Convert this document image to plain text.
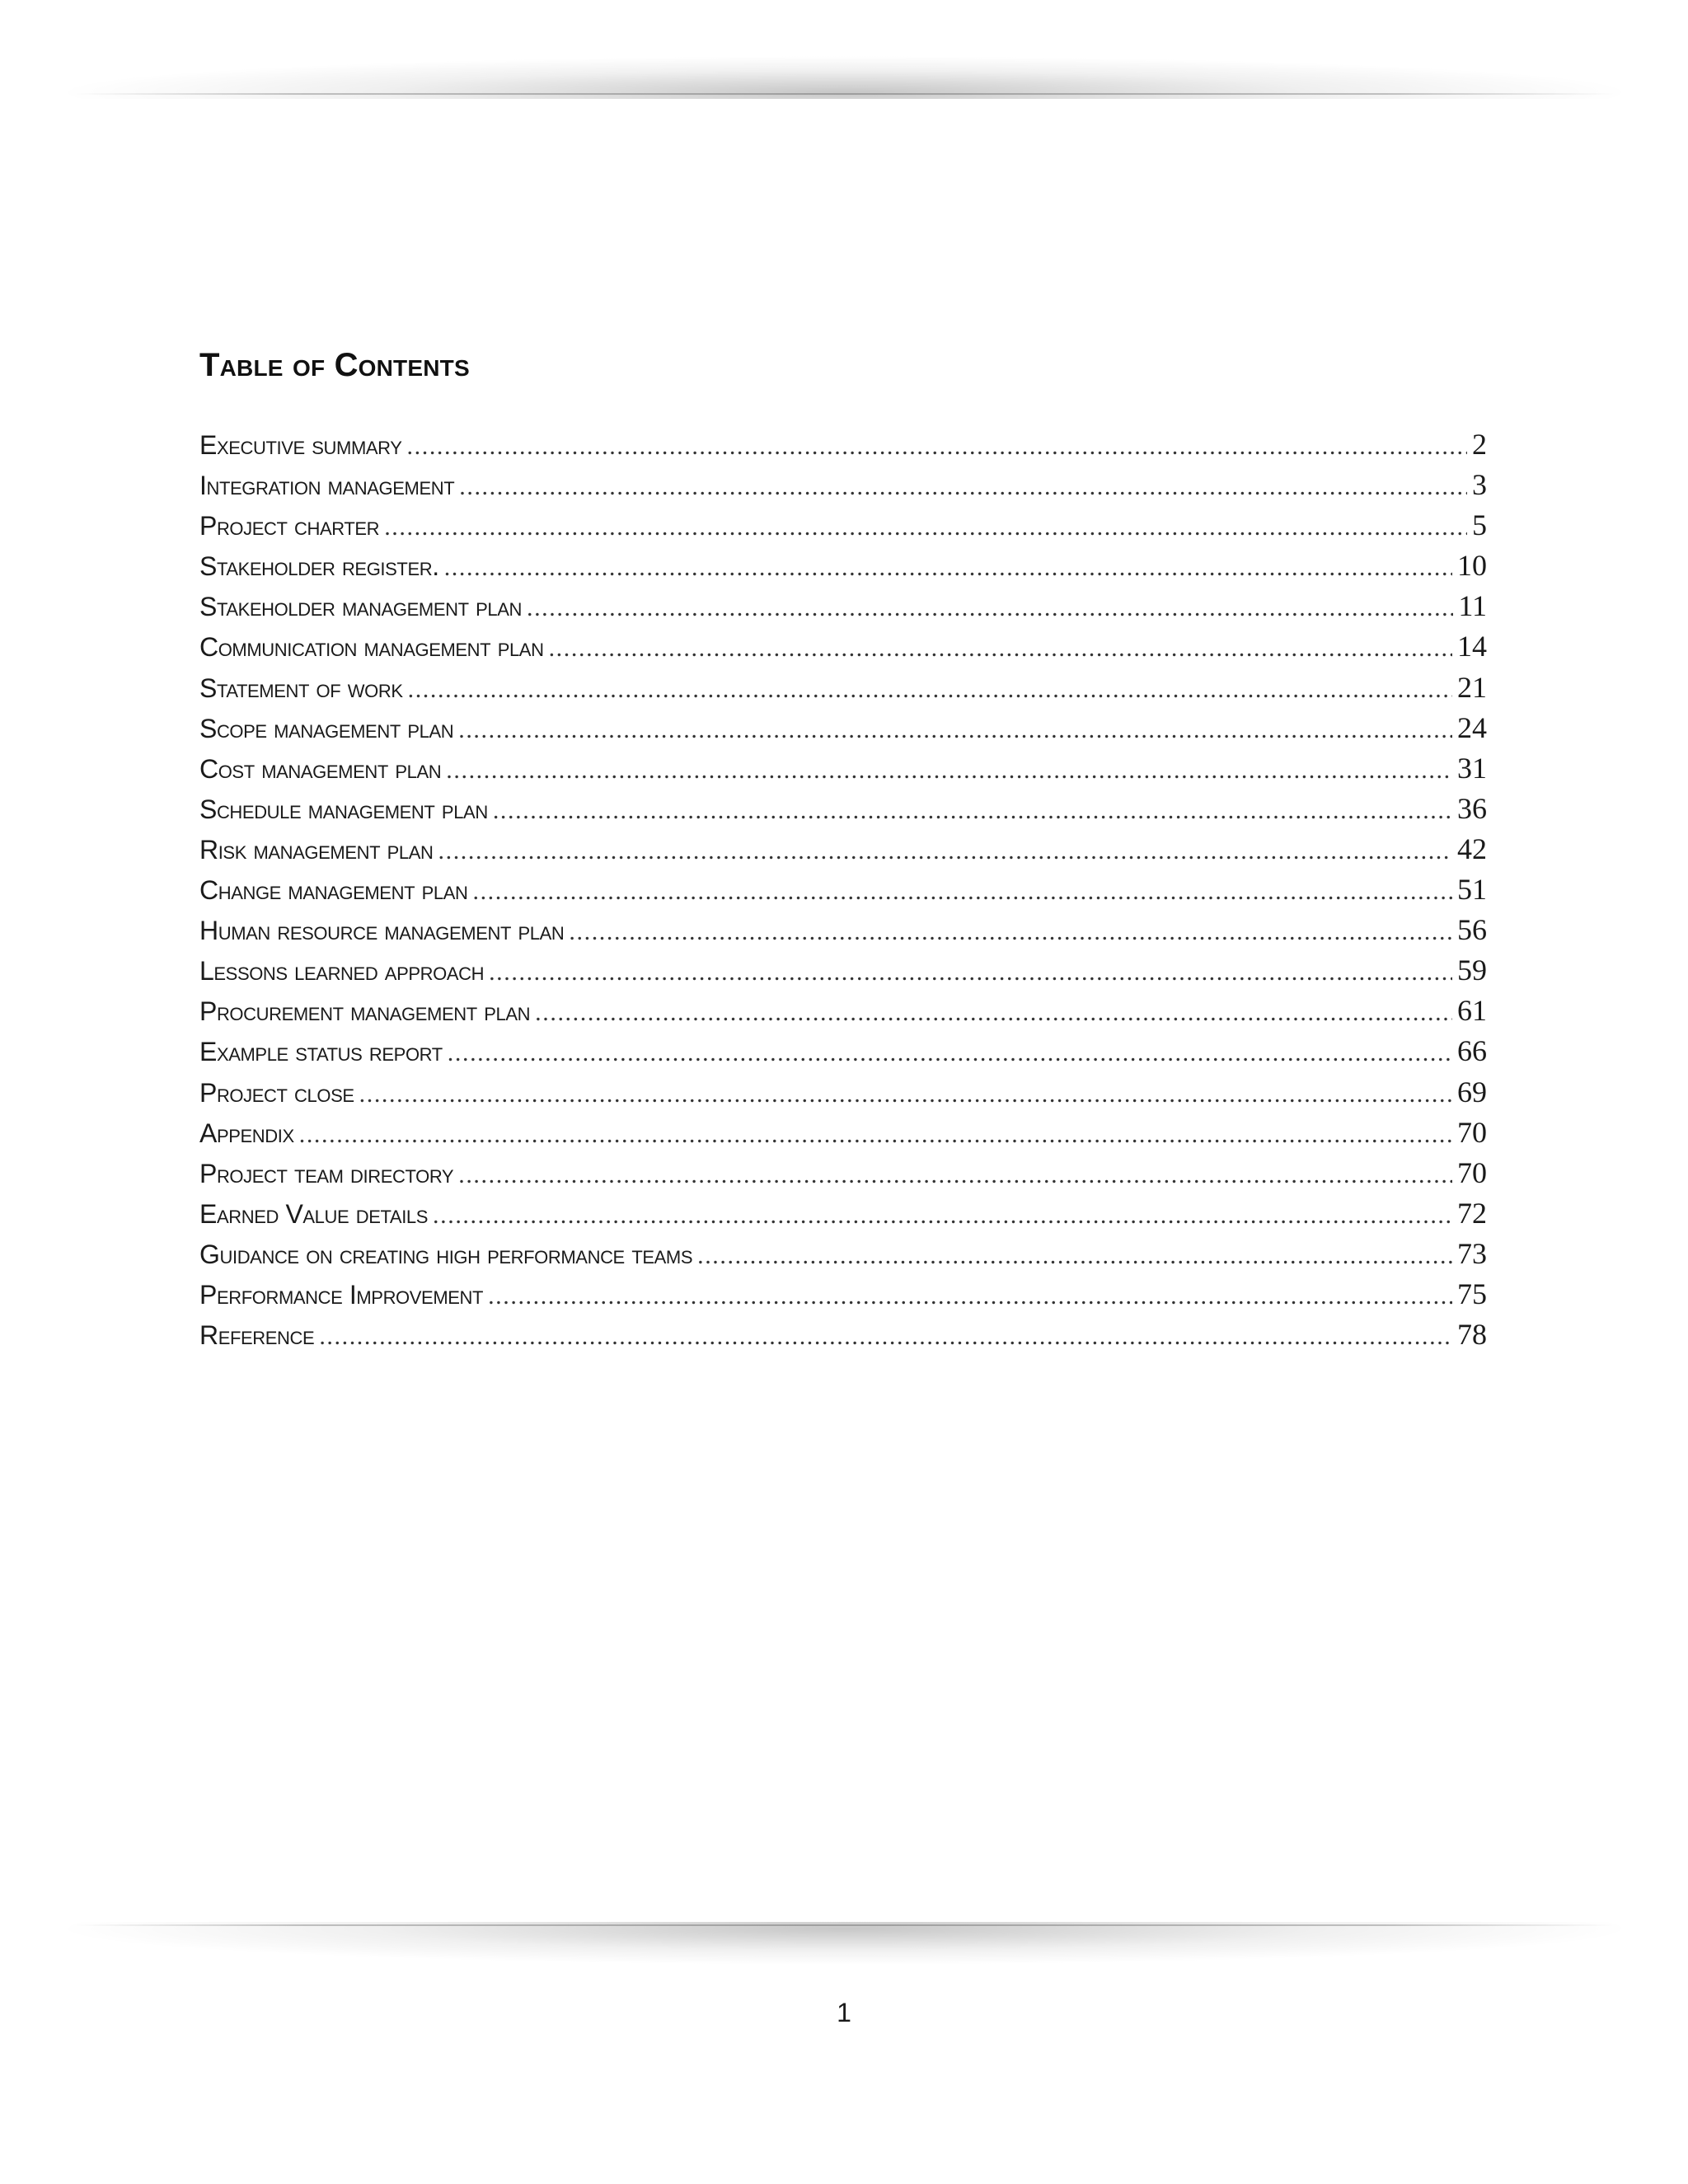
Table of Contents
Executive summary .....	2
Integration management .....	3
Project charter .....	5
Stakeholder register. .....	10
Stakeholder management plan .....	11
Communication management plan .....	14
Statement of work .....	21
Scope management plan .....	24
Cost management plan .....	31
Schedule management plan .....	36
Risk management plan .....	42
Change management plan .....	51
Human resource management plan .....	56
Lessons learned approach .....	59
Procurement management plan .....	61
Example status report .....	66
Project close .....	69
Appendix .....	70
Project team directory .....	70
Earned Value details .....	72
Guidance on creating high performance teams .....	73
Performance Improvement .....	75
Reference .....	78
1
